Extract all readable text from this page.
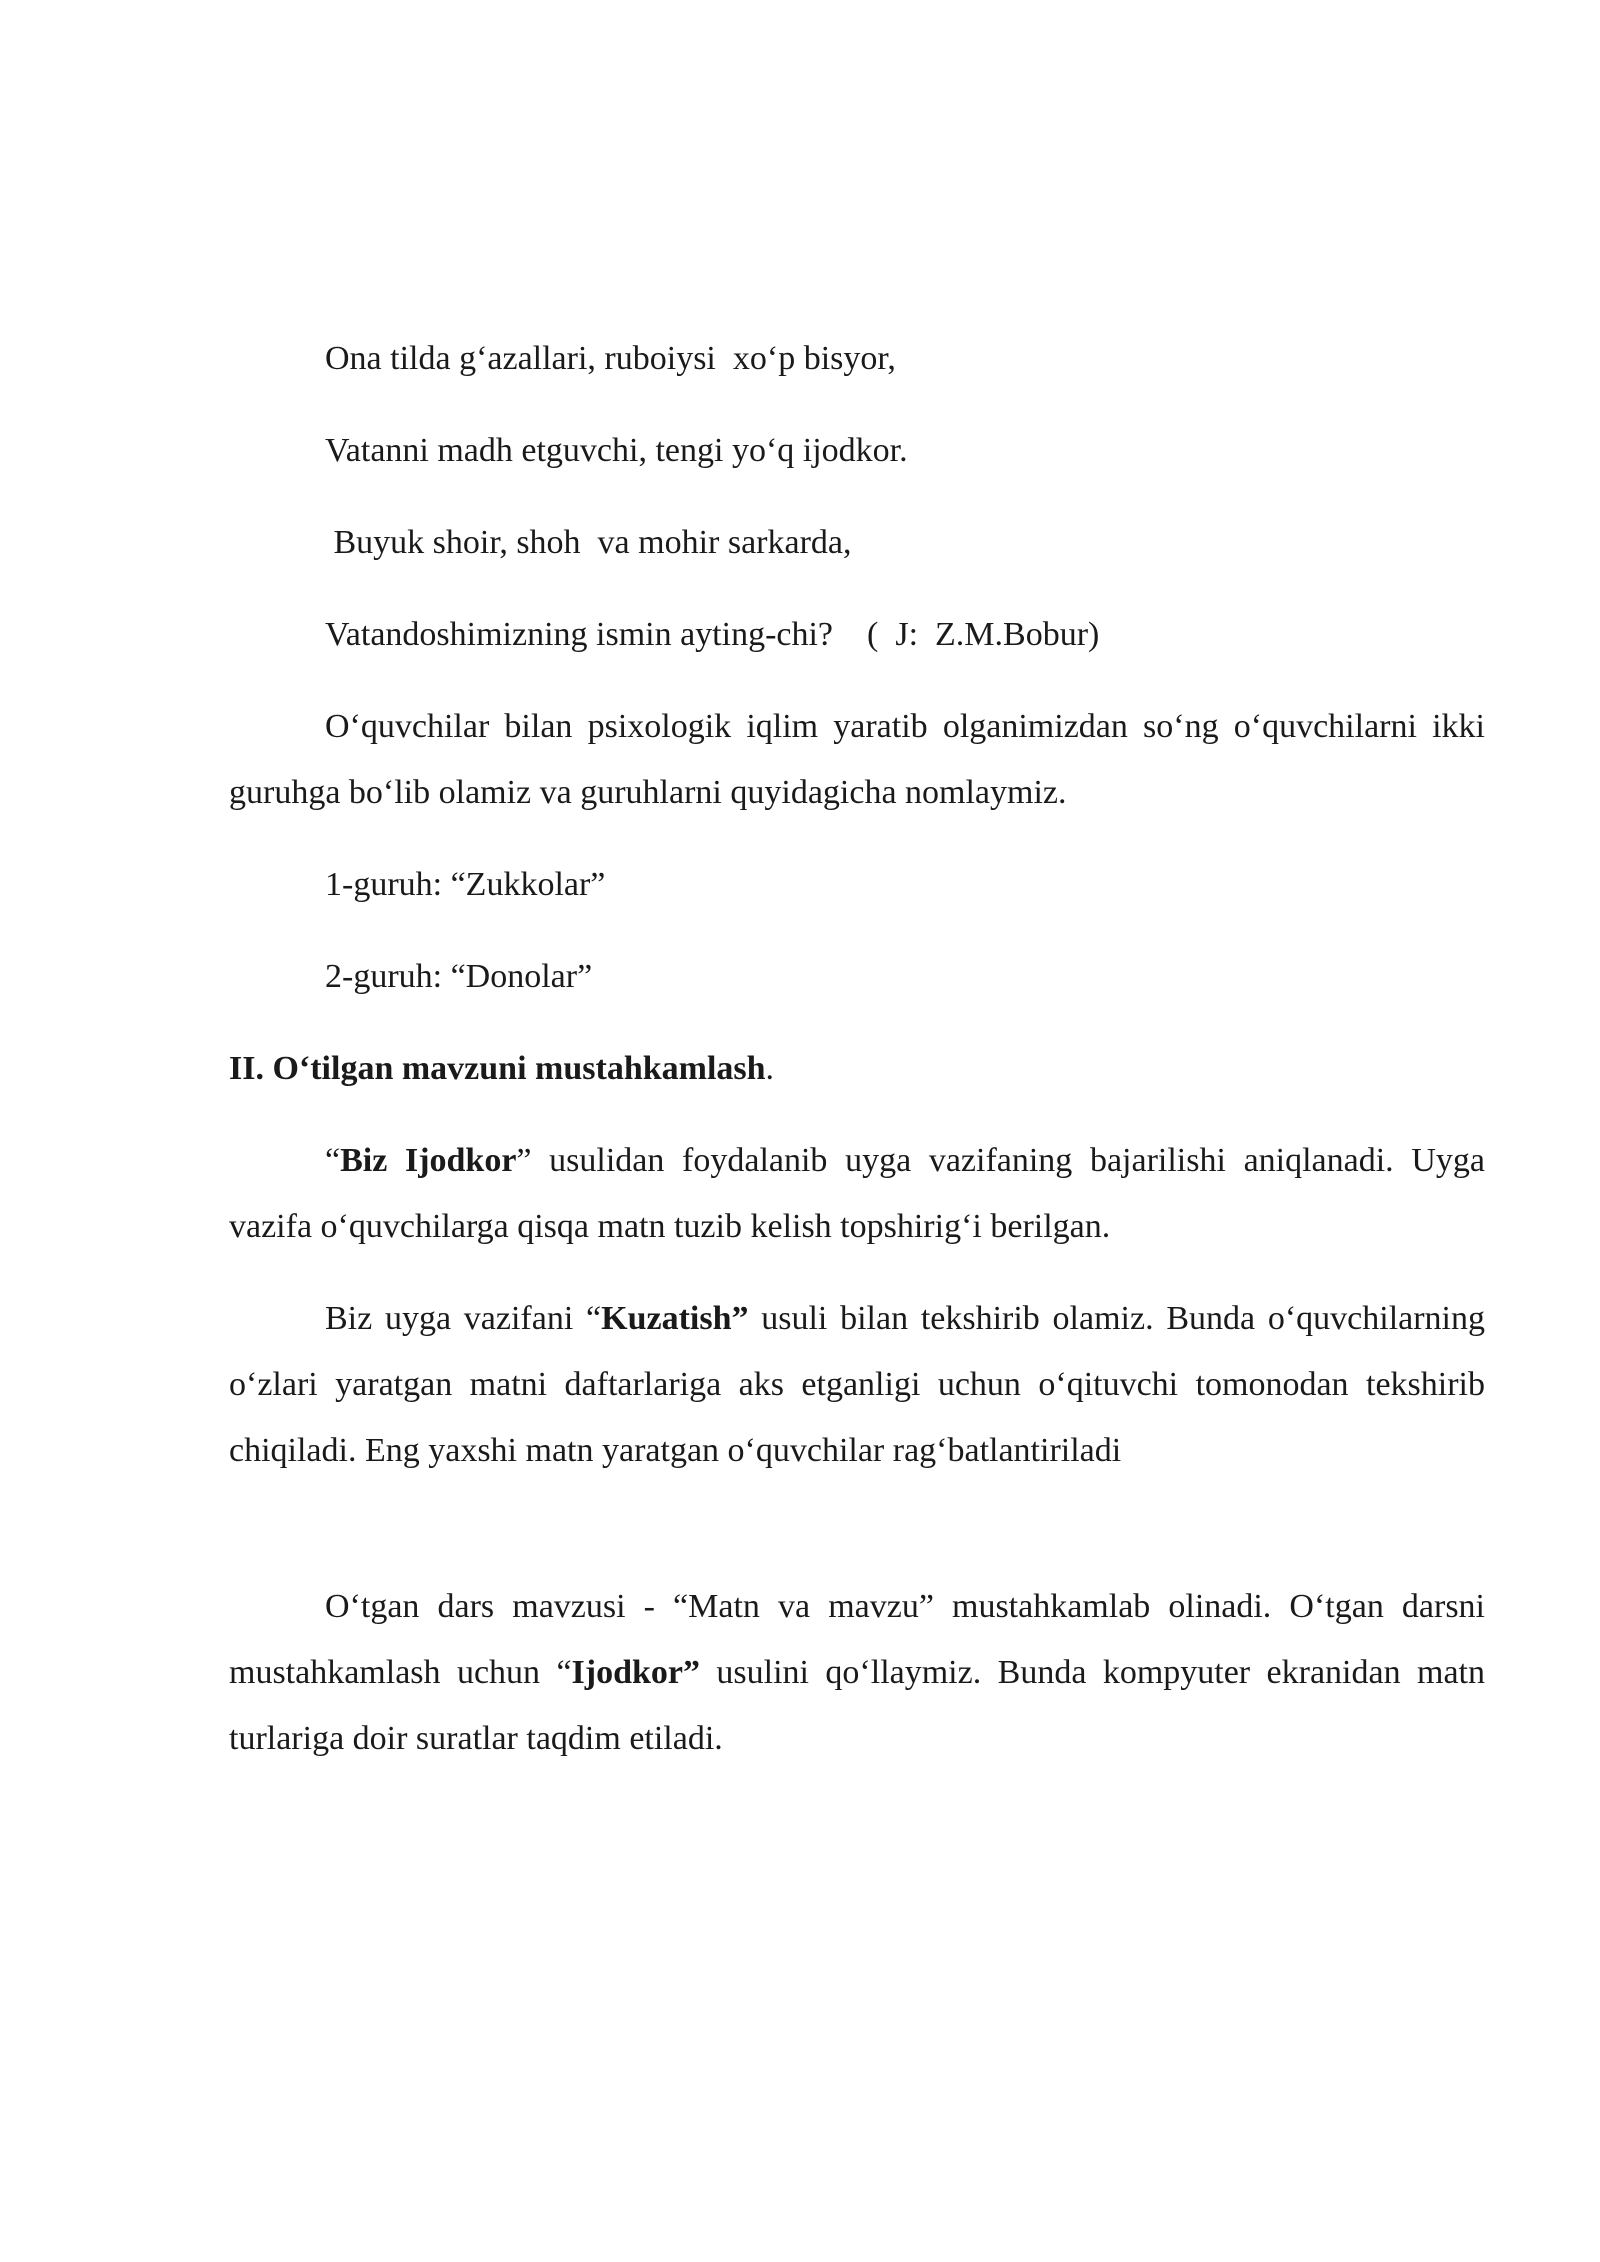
Ona tilda g‘azallari, ruboiysi  xo‘p bisyor,
Vatanni madh etguvchi, tengi yo‘q ijodkor.
Buyuk shoir, shoh  va mohir sarkarda,
Vatandoshimizning ismin ayting-chi?    (  J:  Z.M.Bobur)

O‘quvchilar bilan psixologik iqlim yaratib olganimizdan so‘ng o‘quvchilarni ikki guruhga bo‘lib olamiz va guruhlarni quyidagicha nomlaymiz.

1-guruh: “Zukkolar”
2-guruh: “Donolar”
II. O‘tilgan mavzuni mustahkamlash.

“Biz Ijodkor” usulidan foydalanib uyga vazifaning bajarilishi aniqlanadi. Uyga vazifa o‘quvchilarga qisqa matn tuzib kelish topshirig‘i berilgan.

Biz uyga vazifani “Kuzatish” usuli bilan tekshirib olamiz. Bunda o‘quvchilarning o‘zlari yaratgan matni daftarlariga aks etganligi uchun o‘qituvchi tomonodan tekshirib chiqiladi. Eng yaxshi matn yaratgan o‘quvchilar rag‘batlantiriladi

O‘tgan dars mavzusi - “Matn va mavzu” mustahkamlab olinadi. O‘tgan darsni mustahkamlash uchun “Ijodkor” usulini qo‘llaymiz. Bunda kompyuter ekranidan matn turlariga doir suratlar taqdim etiladi.
